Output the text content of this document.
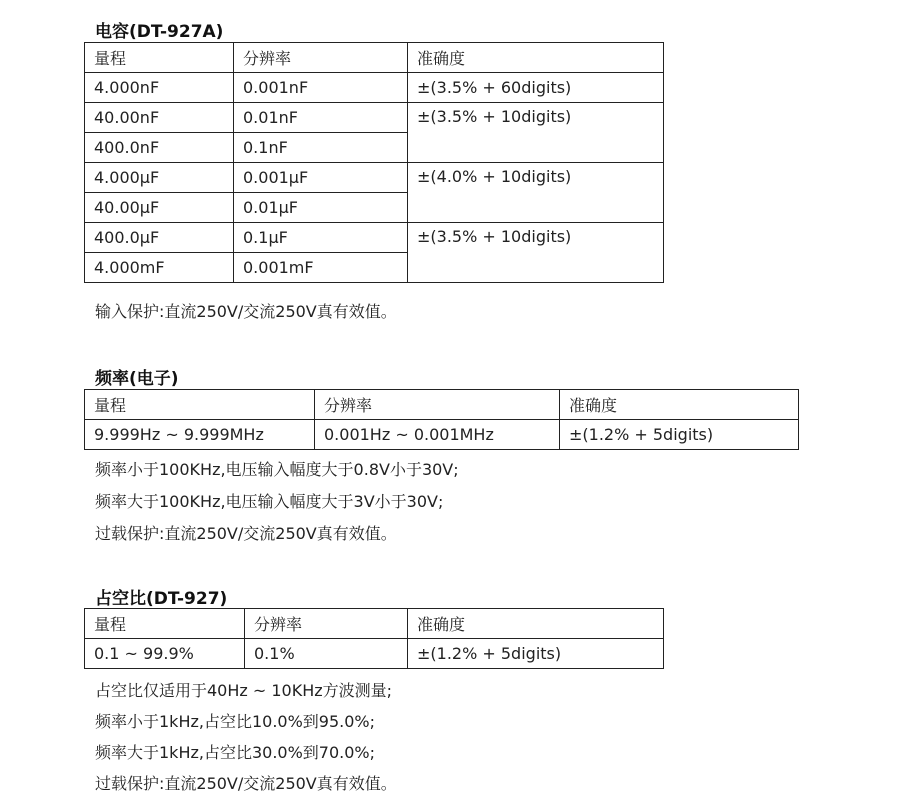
电容(DT-927A)
量程	分辨率	准确度
4.000nF	0.001nF	±(3.5% + 60digits)
40.00nF	0.01nF	±(3.5% + 10digits)
400.0nF	0.1nF	
4.000μF	0.001μF	±(4.0% + 10digits)
40.00μF	0.01μF	
400.0μF	0.1μF	±(3.5% + 10digits)
4.000mF	0.001mF	
输入保护:直流250V/交流250V真有效值。
频率(电子)
量程	分辨率	准确度
9.999Hz ~ 9.999MHz	0.001Hz ~ 0.001MHz	±(1.2% + 5digits)
频率小于100KHz,电压输入幅度大于0.8V小于30V;
频率大于100KHz,电压输入幅度大于3V小于30V;
过载保护:直流250V/交流250V真有效值。
占空比(DT-927)
量程	分辨率	准确度
0.1 ~ 99.9%	0.1%	±(1.2% + 5digits)
占空比仅适用于40Hz ~ 10KHz方波测量;
频率小于1kHz,占空比10.0%到95.0%;
频率大于1kHz,占空比30.0%到70.0%;
过载保护:直流250V/交流250V真有效值。
